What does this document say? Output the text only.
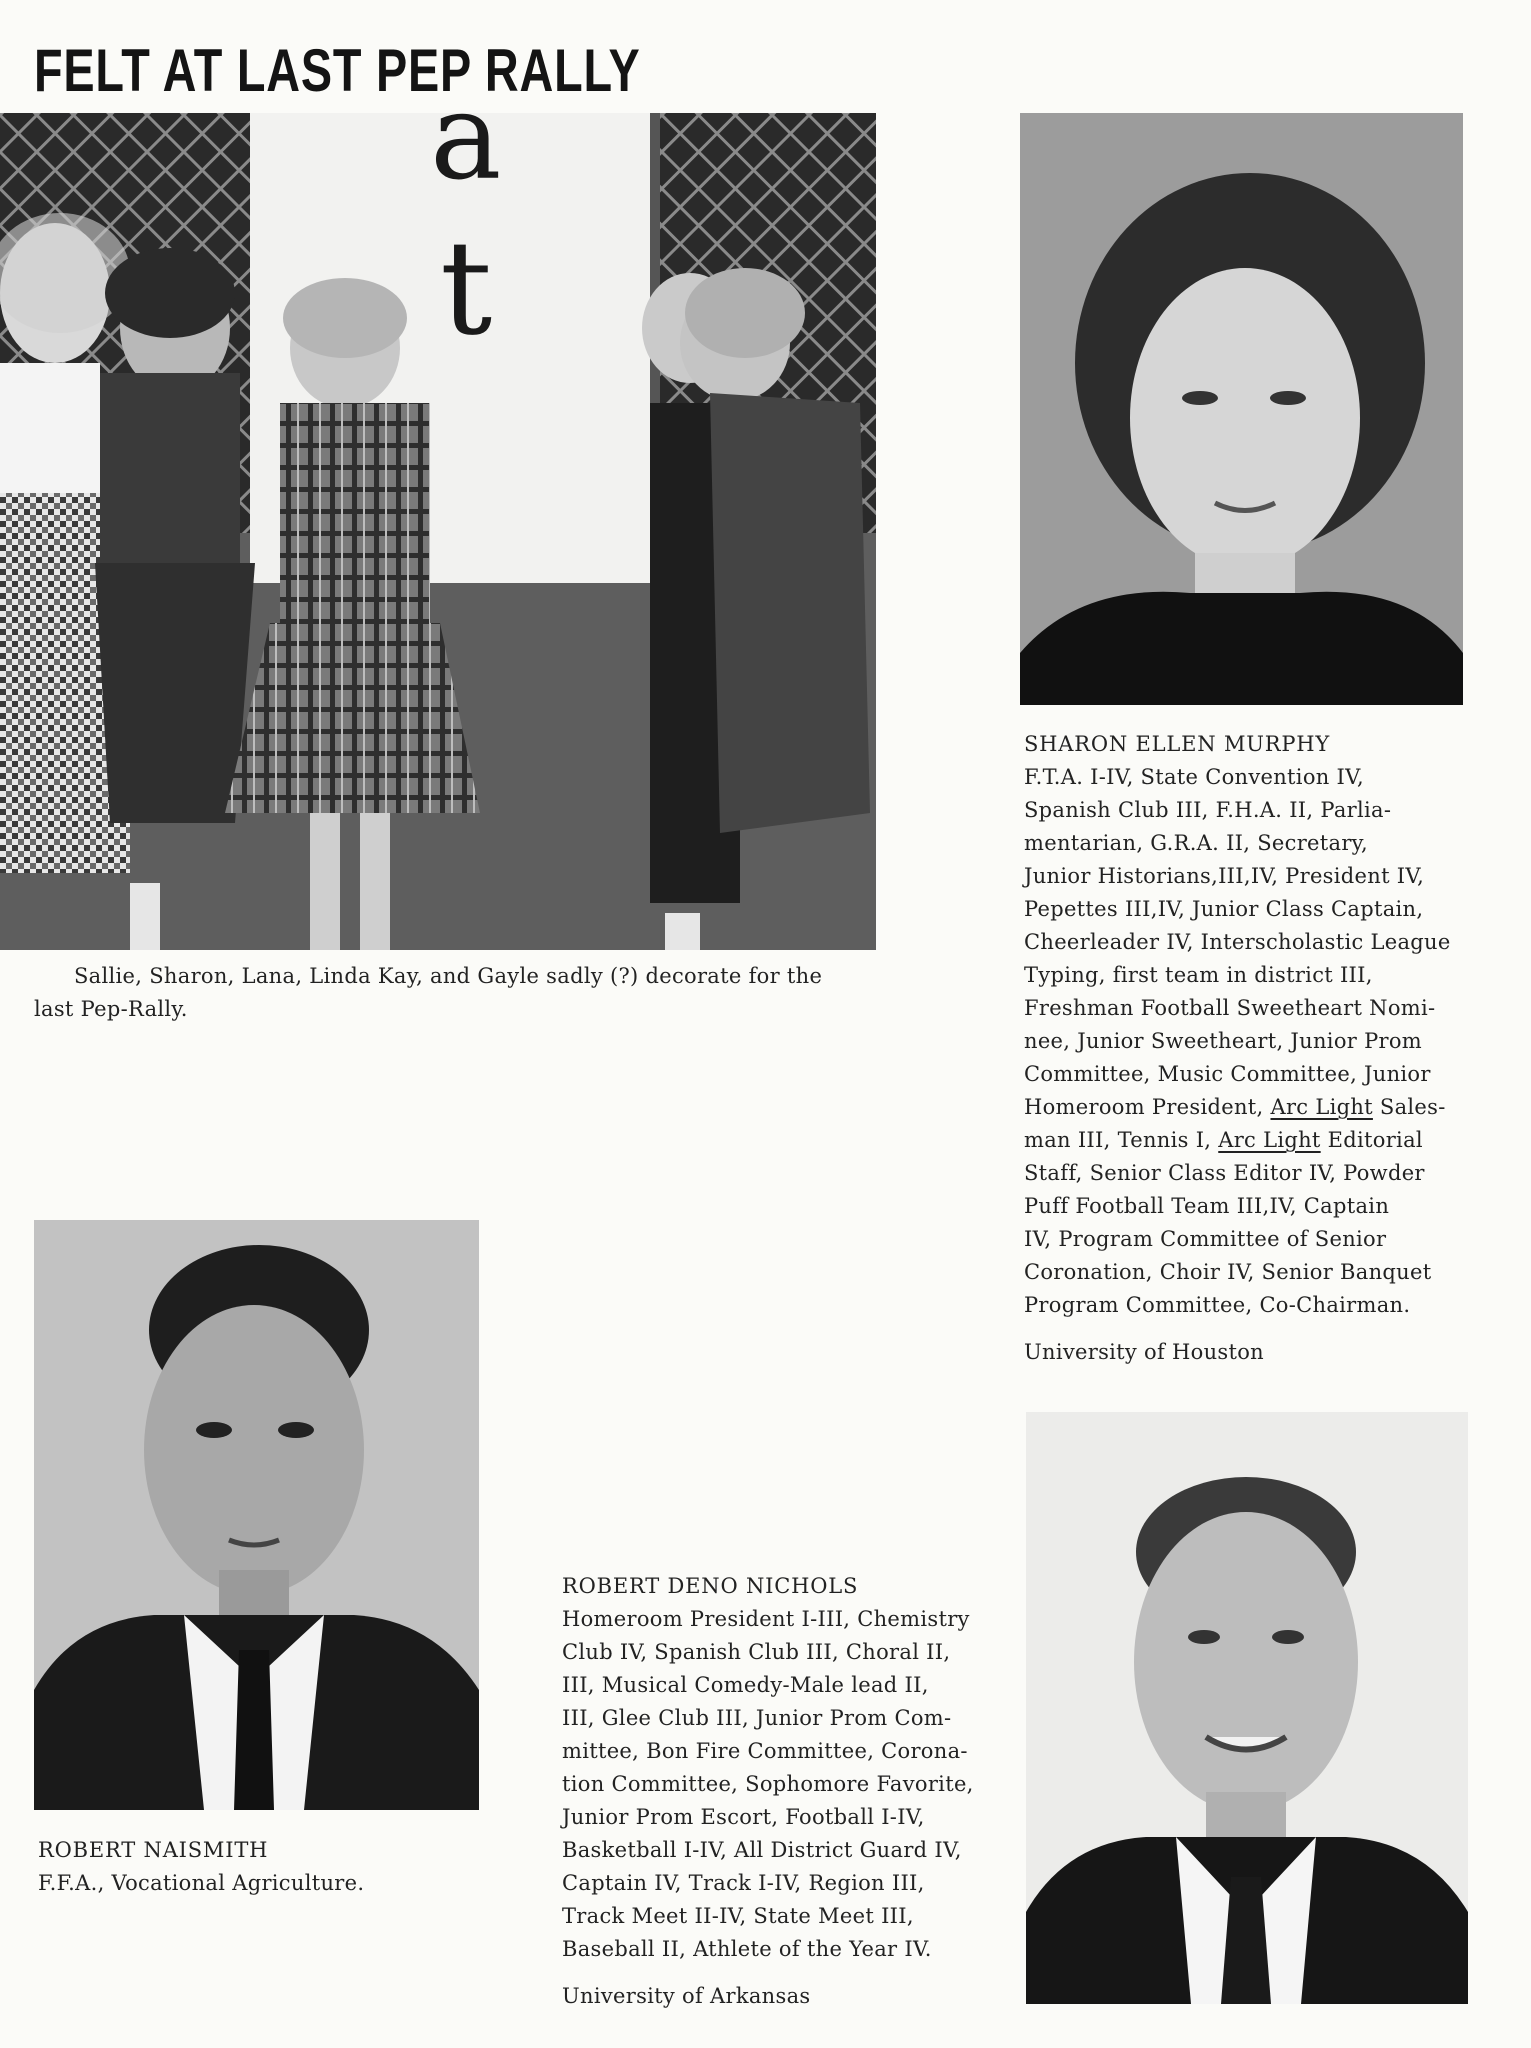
FELT AT LAST PEP RALLY
a
t
Sallie, Sharon, Lana, Linda Kay, and Gayle sadly (?) decorate for the
last Pep-Rally.
SHARON ELLEN MURPHY
F.T.A. I-IV, State Convention IV,
Spanish Club III, F.H.A. II, Parlia-
mentarian, G.R.A. II, Secretary,
Junior Historians,III,IV, President IV,
Pepettes III,IV, Junior Class Captain,
Cheerleader IV, Interscholastic League
Typing, first team in district III,
Freshman Football Sweetheart Nomi-
nee, Junior Sweetheart, Junior Prom
Committee, Music Committee, Junior
Homeroom President, Arc Light Sales-
man III, Tennis I, Arc Light Editorial
Staff, Senior Class Editor IV, Powder
Puff Football Team III,IV, Captain
IV, Program Committee of Senior
Coronation, Choir IV, Senior Banquet
Program Committee, Co-Chairman.
University of Houston
ROBERT NAISMITH
F.F.A., Vocational Agriculture.
ROBERT DENO NICHOLS
Homeroom President I-III, Chemistry
Club IV, Spanish Club III, Choral II,
III, Musical Comedy-Male lead II,
III, Glee Club III, Junior Prom Com-
mittee, Bon Fire Committee, Corona-
tion Committee, Sophomore Favorite,
Junior Prom Escort, Football I-IV,
Basketball I-IV, All District Guard IV,
Captain IV, Track I-IV, Region III,
Track Meet II-IV, State Meet III,
Baseball II, Athlete of the Year IV.
University of Arkansas
